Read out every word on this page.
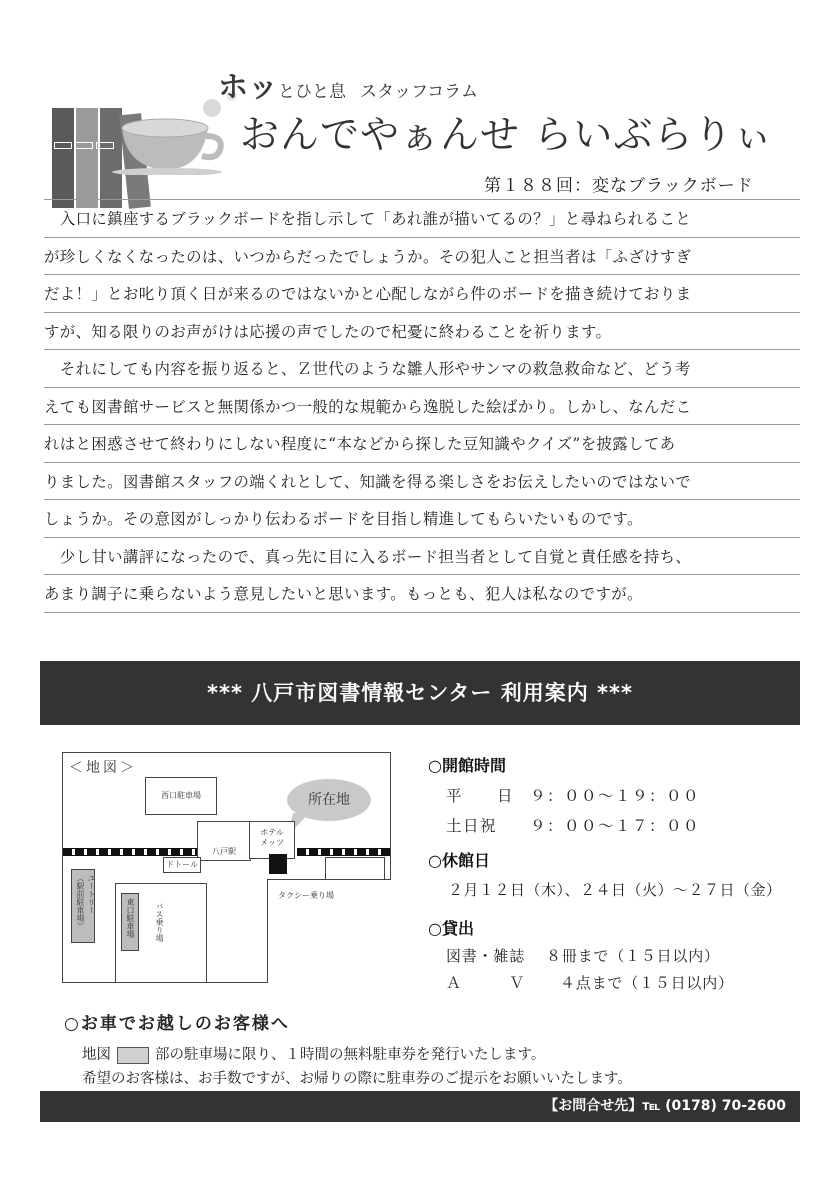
ホッとひと息 スタッフコラム
おんでやぁんせ らいぶらりぃ
第１８８回：変なブラックボード
　入口に鎮座するブラックボードを指し示して「あれ誰が描いてるの？」と尋ねられること
が珍しくなくなったのは、いつからだったでしょうか。その犯人こと担当者は「ふざけすぎ
だよ！」とお叱り頂く日が来るのではないかと心配しながら件のボードを描き続けておりま
すが、知る限りのお声がけは応援の声でしたので杞憂に終わることを祈ります。
　それにしても内容を振り返ると、Ｚ世代のような雛人形やサンマの救急救命など、どう考
えても図書館サービスと無関係かつ一般的な規範から逸脱した絵ばかり。しかし、なんだこ
れはと困惑させて終わりにしない程度に“本などから探した豆知識やクイズ”を披露してあ
りました。図書館スタッフの端くれとして、知識を得る楽しさをお伝えしたいのではないで
しょうか。その意図がしっかり伝わるボードを目指し精進してもらいたいものです。
　少し甘い講評になったので、真っ先に目に入るボード担当者として自覚と責任感を持ち、
あまり調子に乗らないよう意見したいと思います。もっとも、犯人は私なのですが。
*** 八戸市図書情報センター 利用案内 ***
＜地図＞
西口駐車場	所在地
八戸駅
ホテル
メッツ
ドトール
ユートリー
（駅前駐車場）	バス乗り場
東口駐車場
タクシー乗り場
○開館時間
平　　日 ９：００～１９：００
土日祝 ９：００～１７：００
○休館日
２月１２日（木）、２４日（火）～２７日（金）
○貸出
図書・雑誌 ８冊まで（１５日以内）
Ａ　　　Ｖ ４点まで（１５日以内）
○お車でお越しのお客様へ
地図	部の駐車場に限り、１時間の無料駐車券を発行いたします。
希望のお客様は、お手数ですが、お帰りの際に駐車券のご提示をお願いいたします。
【お問合せ先】℡ (0178) 70-2600
